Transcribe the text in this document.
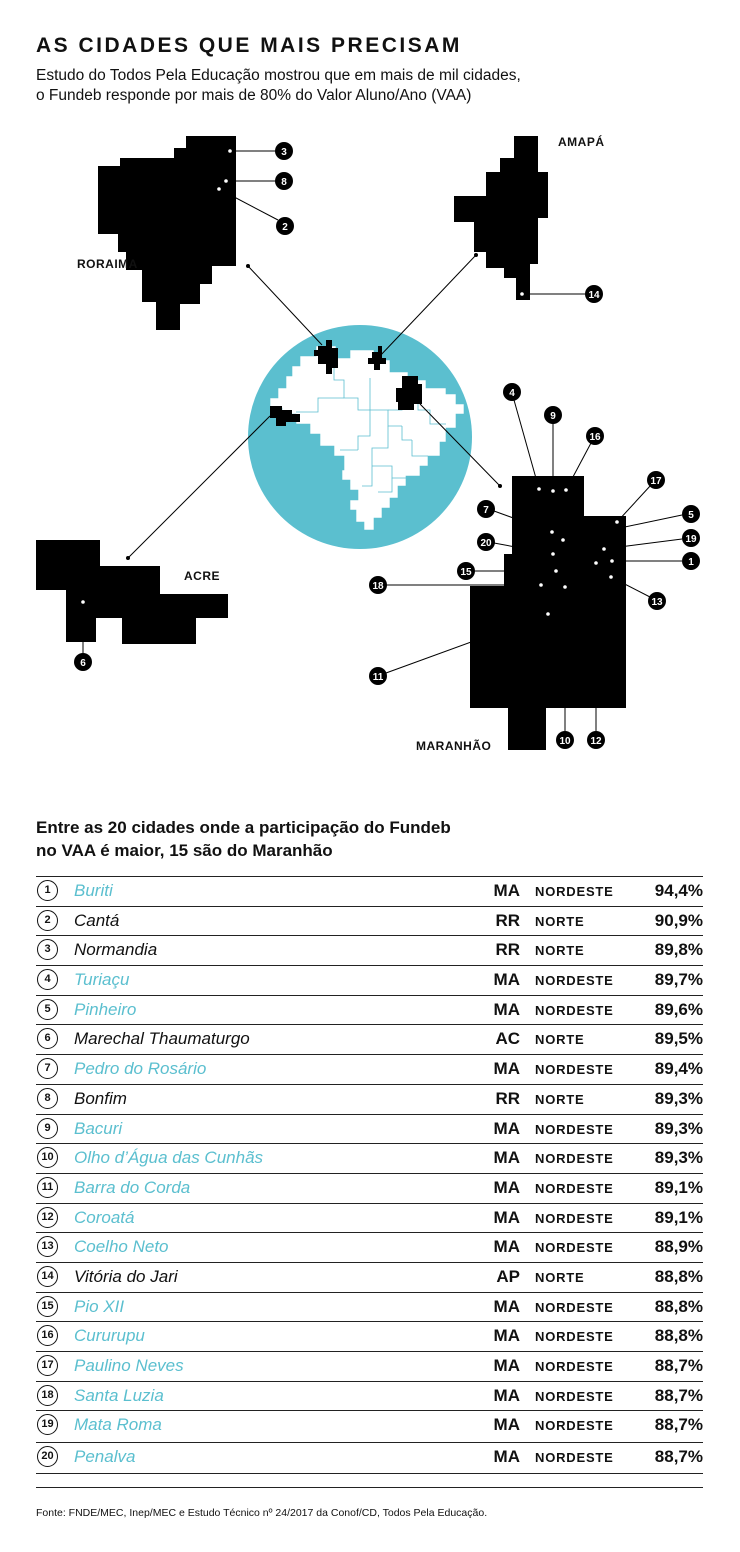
AS CIDADES QUE MAIS PRECISAM

Estudo do Todos Pela Educação mostrou que em mais de mil cidades,
o Fundeb responde por mais de 80% do Valor Aluno/Ano (VAA)

RORAIMA
3
8
2
AMAPÁ
14
ACRE
6
MARANHÃO
4
9
16
17
5
7
20	19
1
15
18
13
11
10 12
Entre as 20 cidades onde a participação do Fundeb
no VAA é maior, 15 são do Maranhão
1	Buriti	MA NORDESTE 94,4%
2	Cantá	RR NORTE	90,9%
3	Normandia	RR NORTE	89,8%
4	Turiaçu	MA NORDESTE 89,7%
5	Pinheiro	MA NORDESTE 89,6%
6	Marechal Thaumaturgo	AC NORTE	89,5%
7	Pedro do Rosário	MA NORDESTE 89,4%
8	Bonfim	RR NORTE	89,3%
9	Bacuri	MA NORDESTE 89,3%
10 Olho d’Água das Cunhãs	MA NORDESTE 89,3%
11 Barra do Corda	MA NORDESTE 89,1%
12 Coroatá	MA NORDESTE 89,1%
13 Coelho Neto	MA NORDESTE 88,9%
14 Vitória do Jari	AP NORTE	88,8%
15 Pio XII	MA NORDESTE 88,8%
16 Cururupu	MA NORDESTE 88,8%
17 Paulino Neves	MA NORDESTE 88,7%
18 Santa Luzia	MA NORDESTE 88,7%
19 Mata Roma	MA NORDESTE 88,7%
20 Penalva	MA NORDESTE 88,7%

Fonte: FNDE/MEC, Inep/MEC e Estudo Técnico nº 24/2017 da Conof/CD, Todos Pela Educação.
